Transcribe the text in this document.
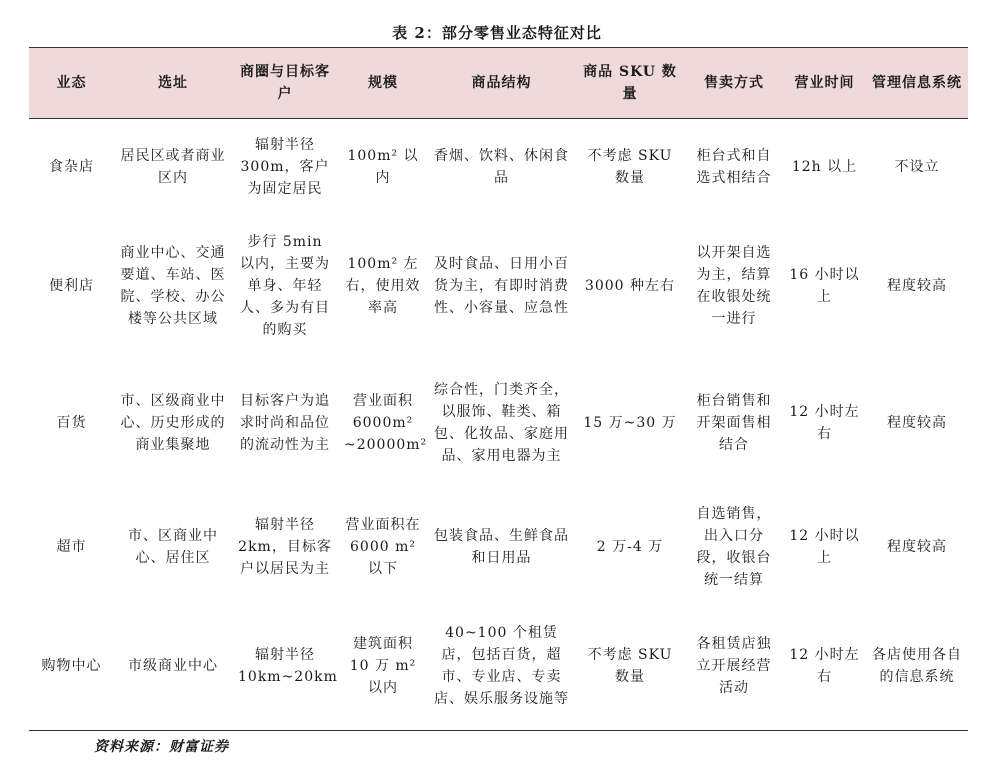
表 2：部分零售业态特征对比
业态	选址	商圈与目标客户	规模	商品结构	商品 SKU 数量	售卖方式	营业时间	管理信息系统
食杂店	居民区或者商业区内	辐射半径 300m，客户为固定居民	100m² 以内	香烟、饮料、休闲食品	不考虑 SKU 数量	柜台式和自选式相结合	12h 以上	不设立
便利店	商业中心、交通要道、车站、医院、学校、办公楼等公共区域	步行 5min 以内，主要为单身、年轻人、多为有目的购买	100m² 左右，使用效率高	及时食品、日用小百货为主，有即时消费性、小容量、应急性	3000 种左右	以开架自选为主，结算在收银处统一进行	16 小时以上	程度较高
百货	市、区级商业中心、历史形成的商业集聚地	目标客户为追求时尚和品位的流动性为主	营业面积 6000m² ~20000m²	综合性，门类齐全，以服饰、鞋类、箱包、化妆品、家庭用品、家用电器为主	15 万~30 万	柜台销售和开架面售相结合	12 小时左右	程度较高
超市	市、区商业中心、居住区	辐射半径 2km，目标客户以居民为主	营业面积在 6000 m² 以下	包装食品、生鲜食品和日用品	2 万-4 万	自选销售，出入口分段，收银台统一结算	12 小时以上	程度较高
购物中心	市级商业中心	辐射半径 10km~20km	建筑面积 10 万 m² 以内	40~100 个租赁店，包括百货，超市、专业店、专卖店、娱乐服务设施等	不考虑 SKU 数量	各租赁店独立开展经营活动	12 小时左右	各店使用各自的信息系统
资料来源：财富证券
